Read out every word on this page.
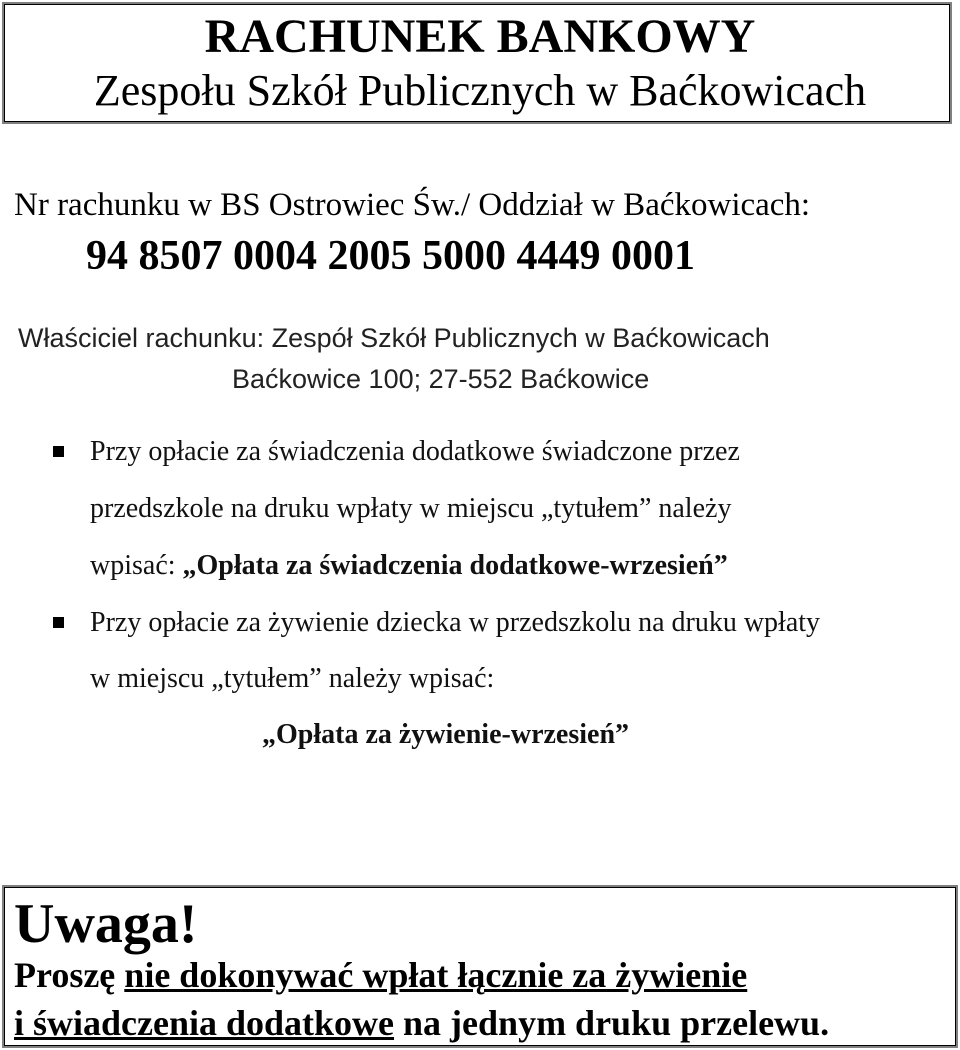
RACHUNEK BANKOWY
Zespołu Szkół Publicznych w Baćkowicach
Nr rachunku w BS Ostrowiec Św./ Oddział w Baćkowicach:
94 8507 0004 2005 5000 4449 0001
Właściciel rachunku: Zespół Szkół Publicznych w Baćkowicach
Baćkowice 100; 27-552 Baćkowice
Przy opłacie za świadczenia dodatkowe świadczone przez
przedszkole na druku wpłaty w miejscu „tytułem” należy
wpisać: „Opłata za świadczenia dodatkowe-wrzesień”
Przy opłacie za żywienie dziecka w przedszkolu na druku wpłaty
w miejscu „tytułem” należy wpisać:
„Opłata za żywienie-wrzesień”
Uwaga!
Proszę nie dokonywać wpłat łącznie za żywienie
i świadczenia dodatkowe na jednym druku przelewu.
